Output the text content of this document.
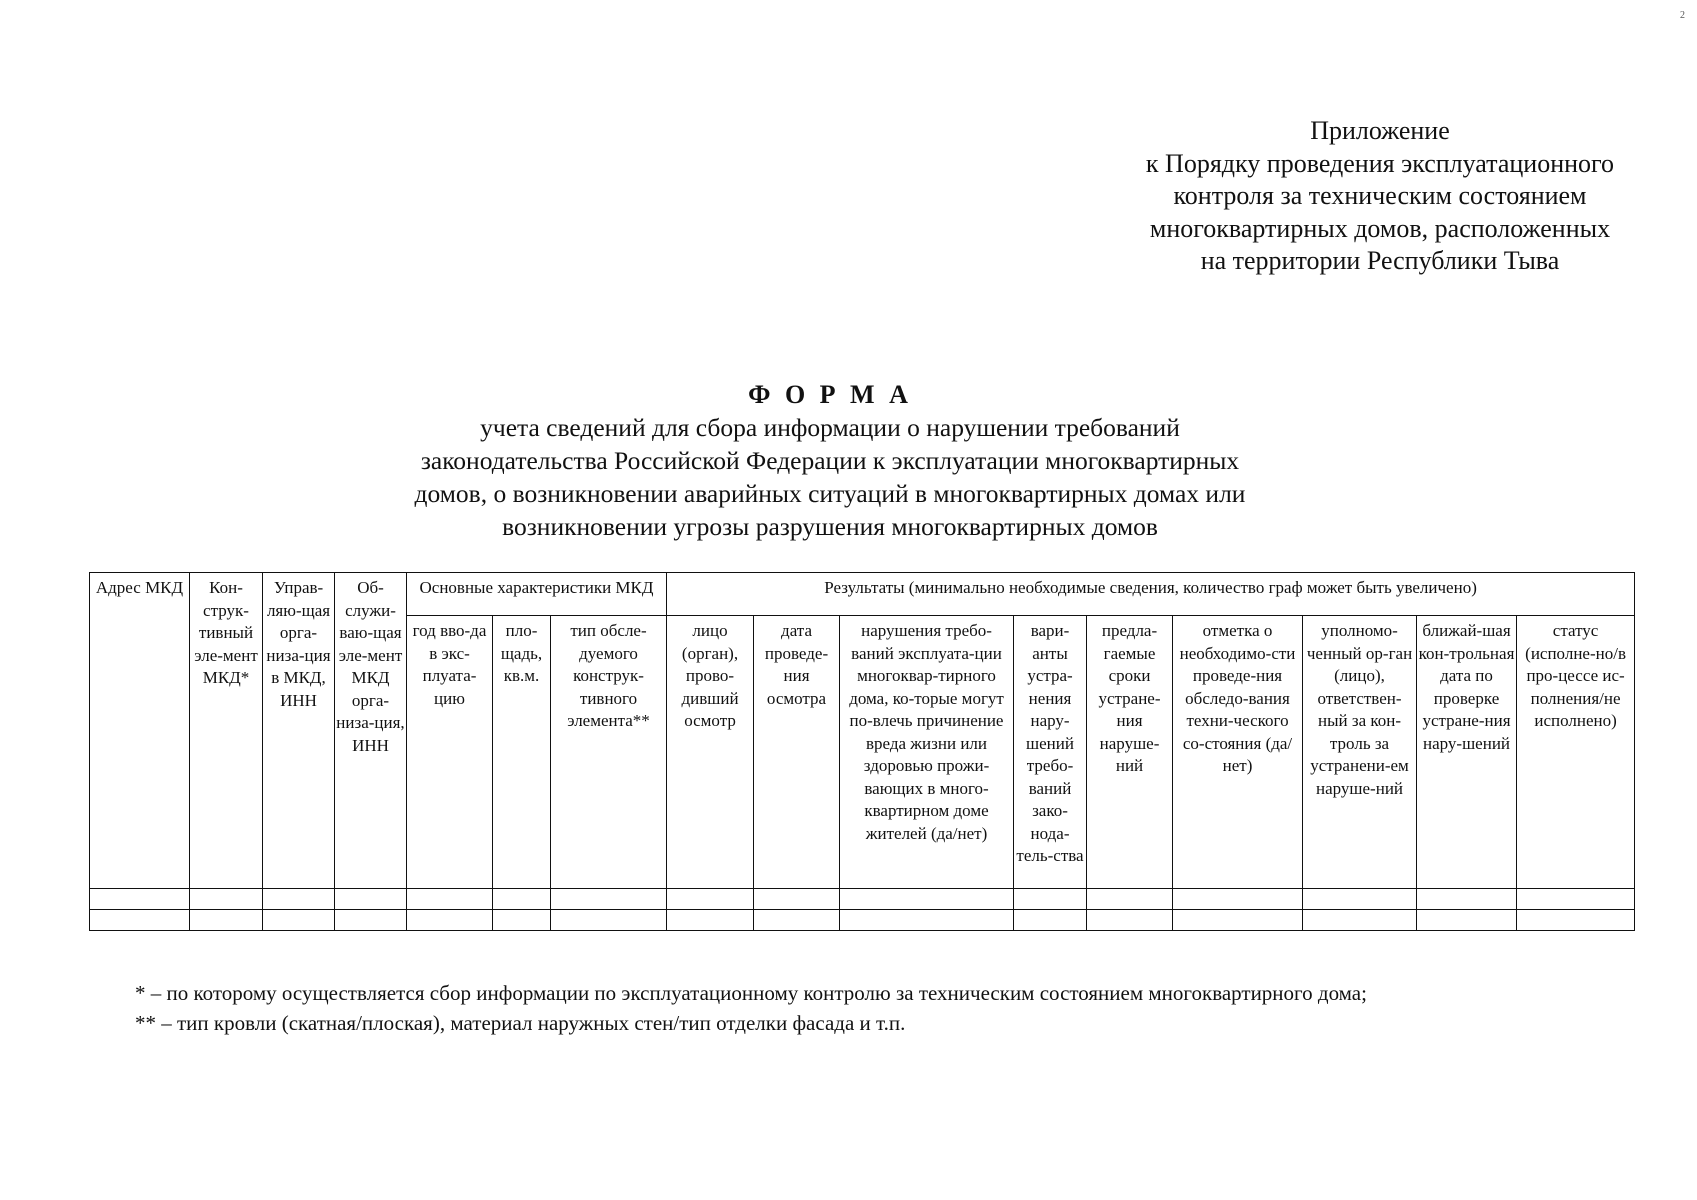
2
Приложение
к Порядку проведения эксплуатационного
контроля за техническим состоянием
многоквартирных домов, расположенных
на территории Республики Тыва
Ф О Р М А
учета сведений для сбора информации о нарушении требований
законодательства Российской Федерации к эксплуатации многоквартирных
домов, о возникновении аварийных ситуаций в многоквартирных домах или
возникновении угрозы разрушения многоквартирных домов
Адрес МКД	Кон-струк-тивный эле-мент МКД*	Управ-ляю-щая орга-низа-ция в МКД, ИНН	Об-служи-ваю-щая эле-мент МКД орга-низа-ция, ИНН	Основные характеристики МКД			Результаты (минимально необходимые сведения, количество граф может быть увеличено)								
				год вво-да в экс-плуата-цию	пло-щадь, кв.м.	тип обсле-дуемого конструк-тивного элемента**	лицо (орган), прово-дивший осмотр	дата проведе-ния осмотра	нарушения требо-ваний эксплуата-ции многоквар-тирного дома, ко-торые могут по-влечь причинение вреда жизни или здоровью прожи-вающих в много-квартирном доме жителей (да/нет)	вари-анты устра-нения нару-шений требо-ваний зако-нода-тель-ства	предла-гаемые сроки устране-ния наруше-ний	отметка о необходимо-сти проведе-ния обследо-вания техни-ческого со-стояния (да/нет)	уполномо-ченный ор-ган (лицо), ответствен-ный за кон-троль за устранени-ем наруше-ний	ближай-шая кон-трольная дата по проверке устране-ния нару-шений	статус (исполне-но/в про-цессе ис-полнения/не исполнено)

* – по которому осуществляется сбор информации по эксплуатационному контролю за техническим состоянием многоквартирного дома;
** – тип кровли (скатная/плоская), материал наружных стен/тип отделки фасада и т.п.
